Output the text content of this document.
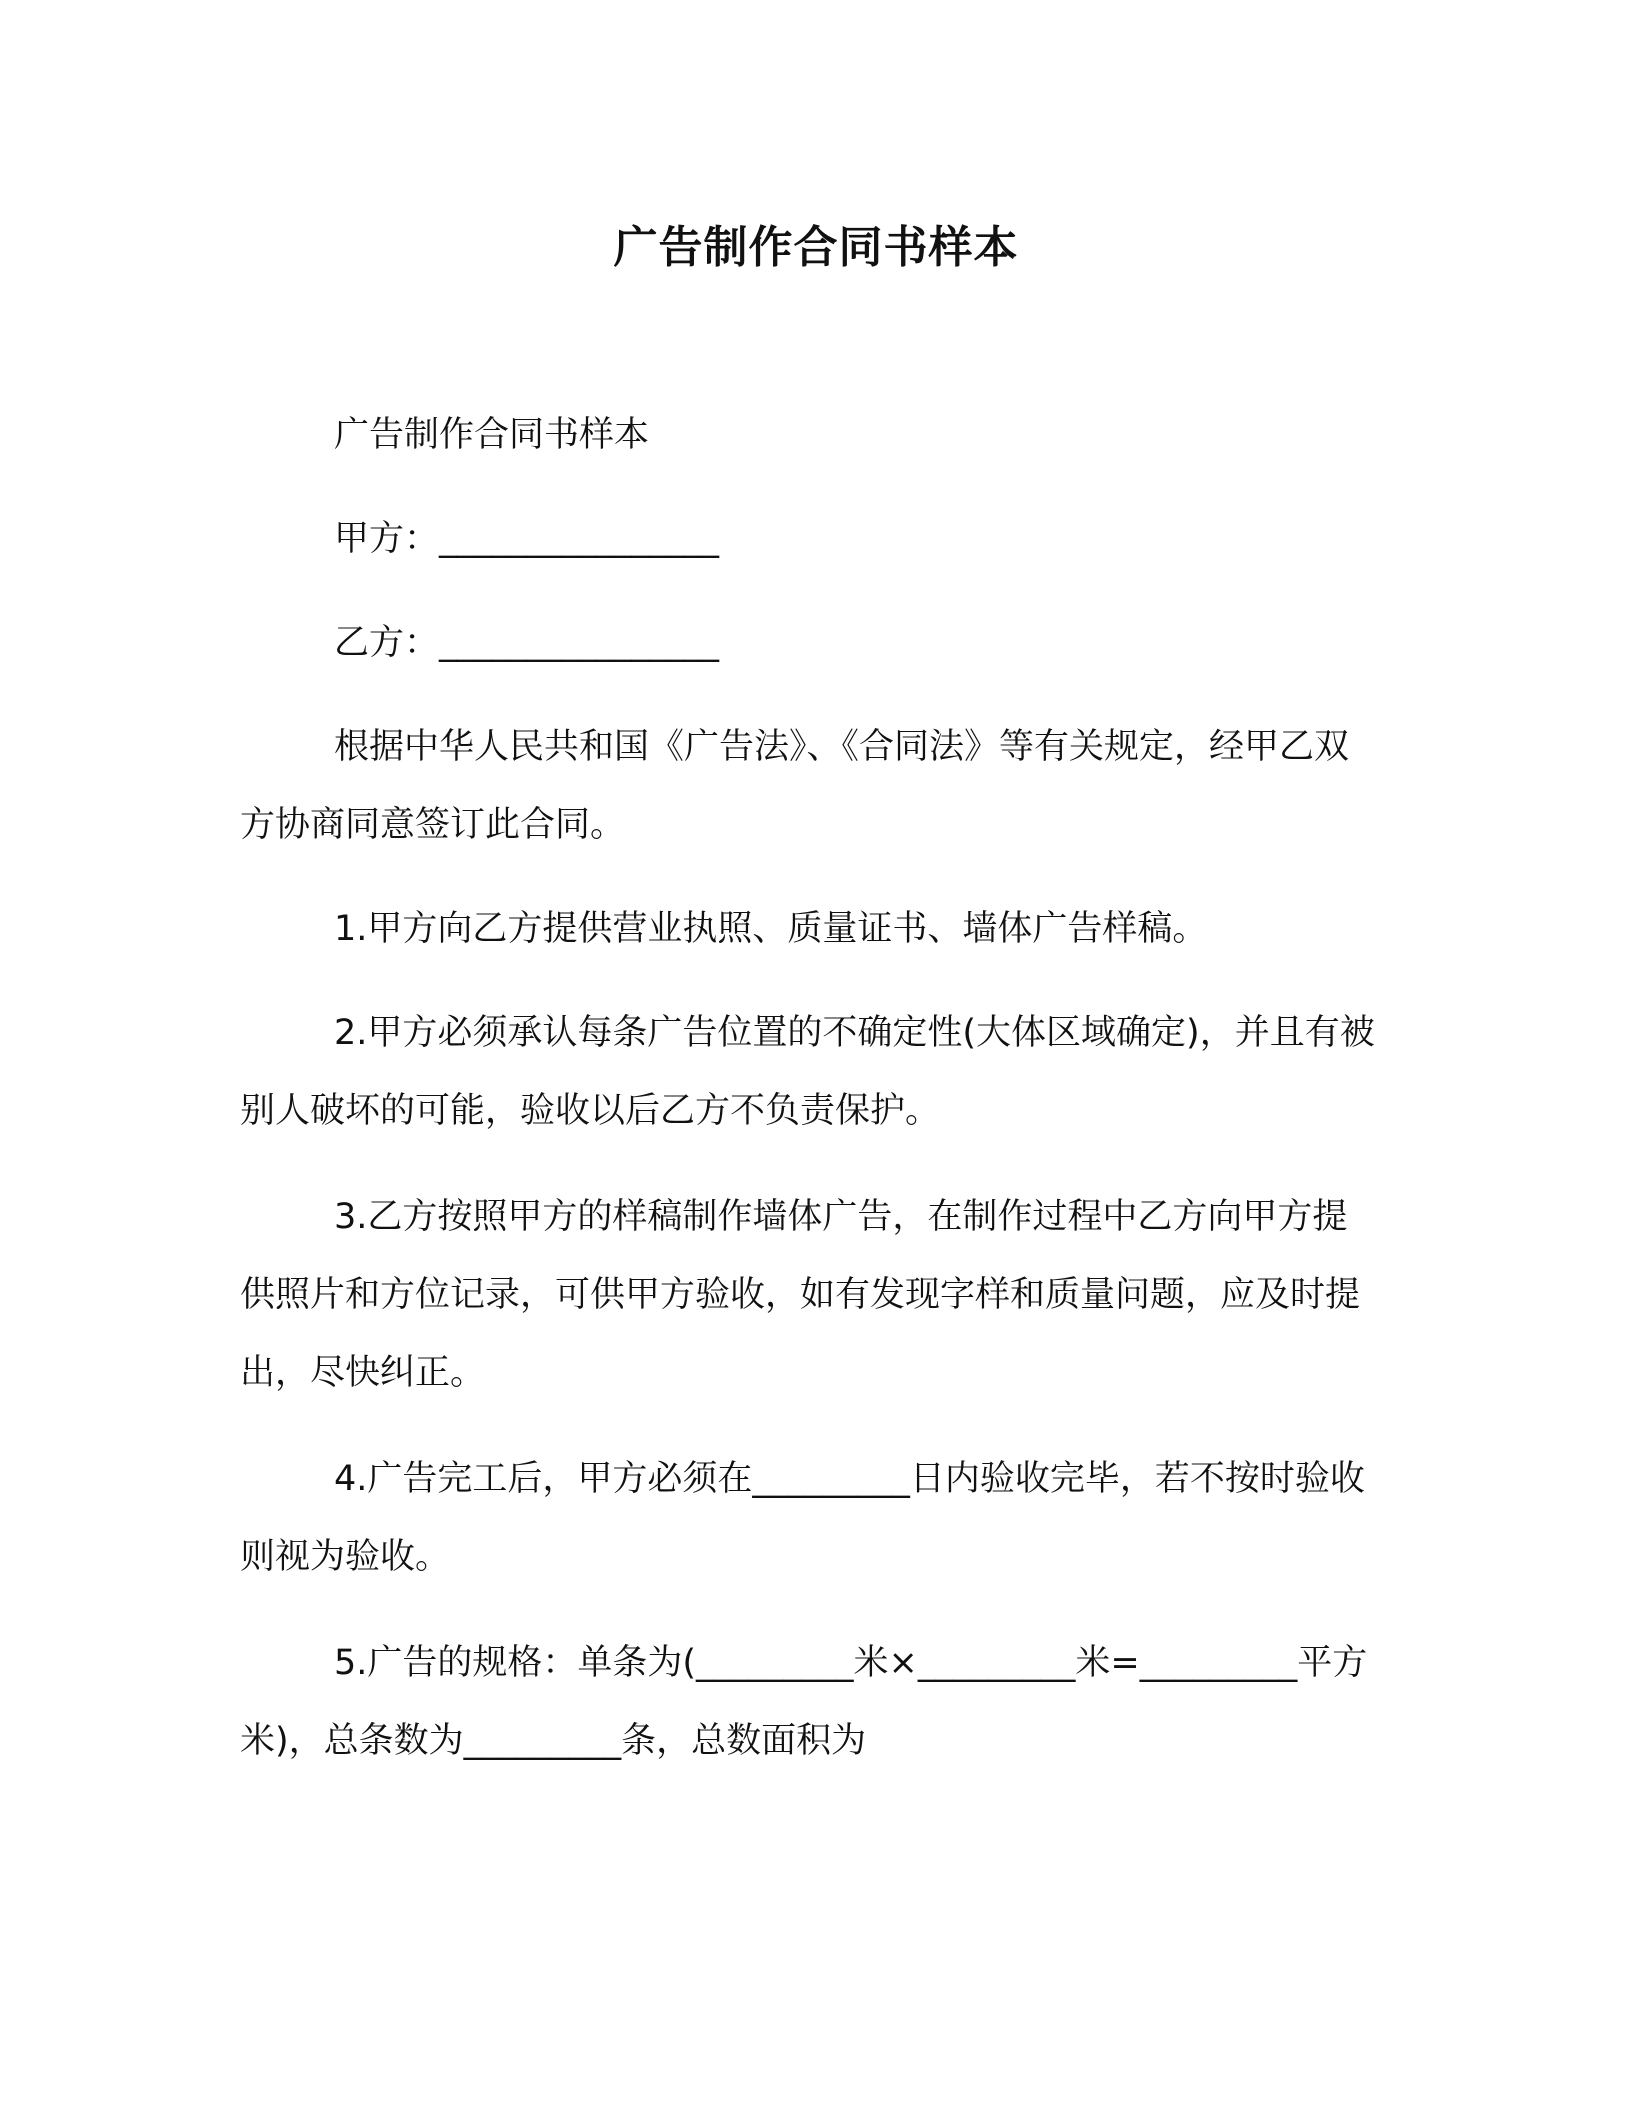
广告制作合同书样本

广告制作合同书样本

甲方：________________

乙方：________________

根据中华人民共和国《广告法》、《合同法》等有关规定，经甲乙双方协商同意签订此合同。

1.甲方向乙方提供营业执照、质量证书、墙体广告样稿。

2.甲方必须承认每条广告位置的不确定性(大体区域确定)，并且有被别人破坏的可能，验收以后乙方不负责保护。

3.乙方按照甲方的样稿制作墙体广告，在制作过程中乙方向甲方提供照片和方位记录，可供甲方验收，如有发现字样和质量问题，应及时提出，尽快纠正。

4.广告完工后，甲方必须在_________日内验收完毕，若不按时验收则视为验收。

5.广告的规格：单条为(_________米×_________米=_________平方米)，总条数为_________条，总数面积为
